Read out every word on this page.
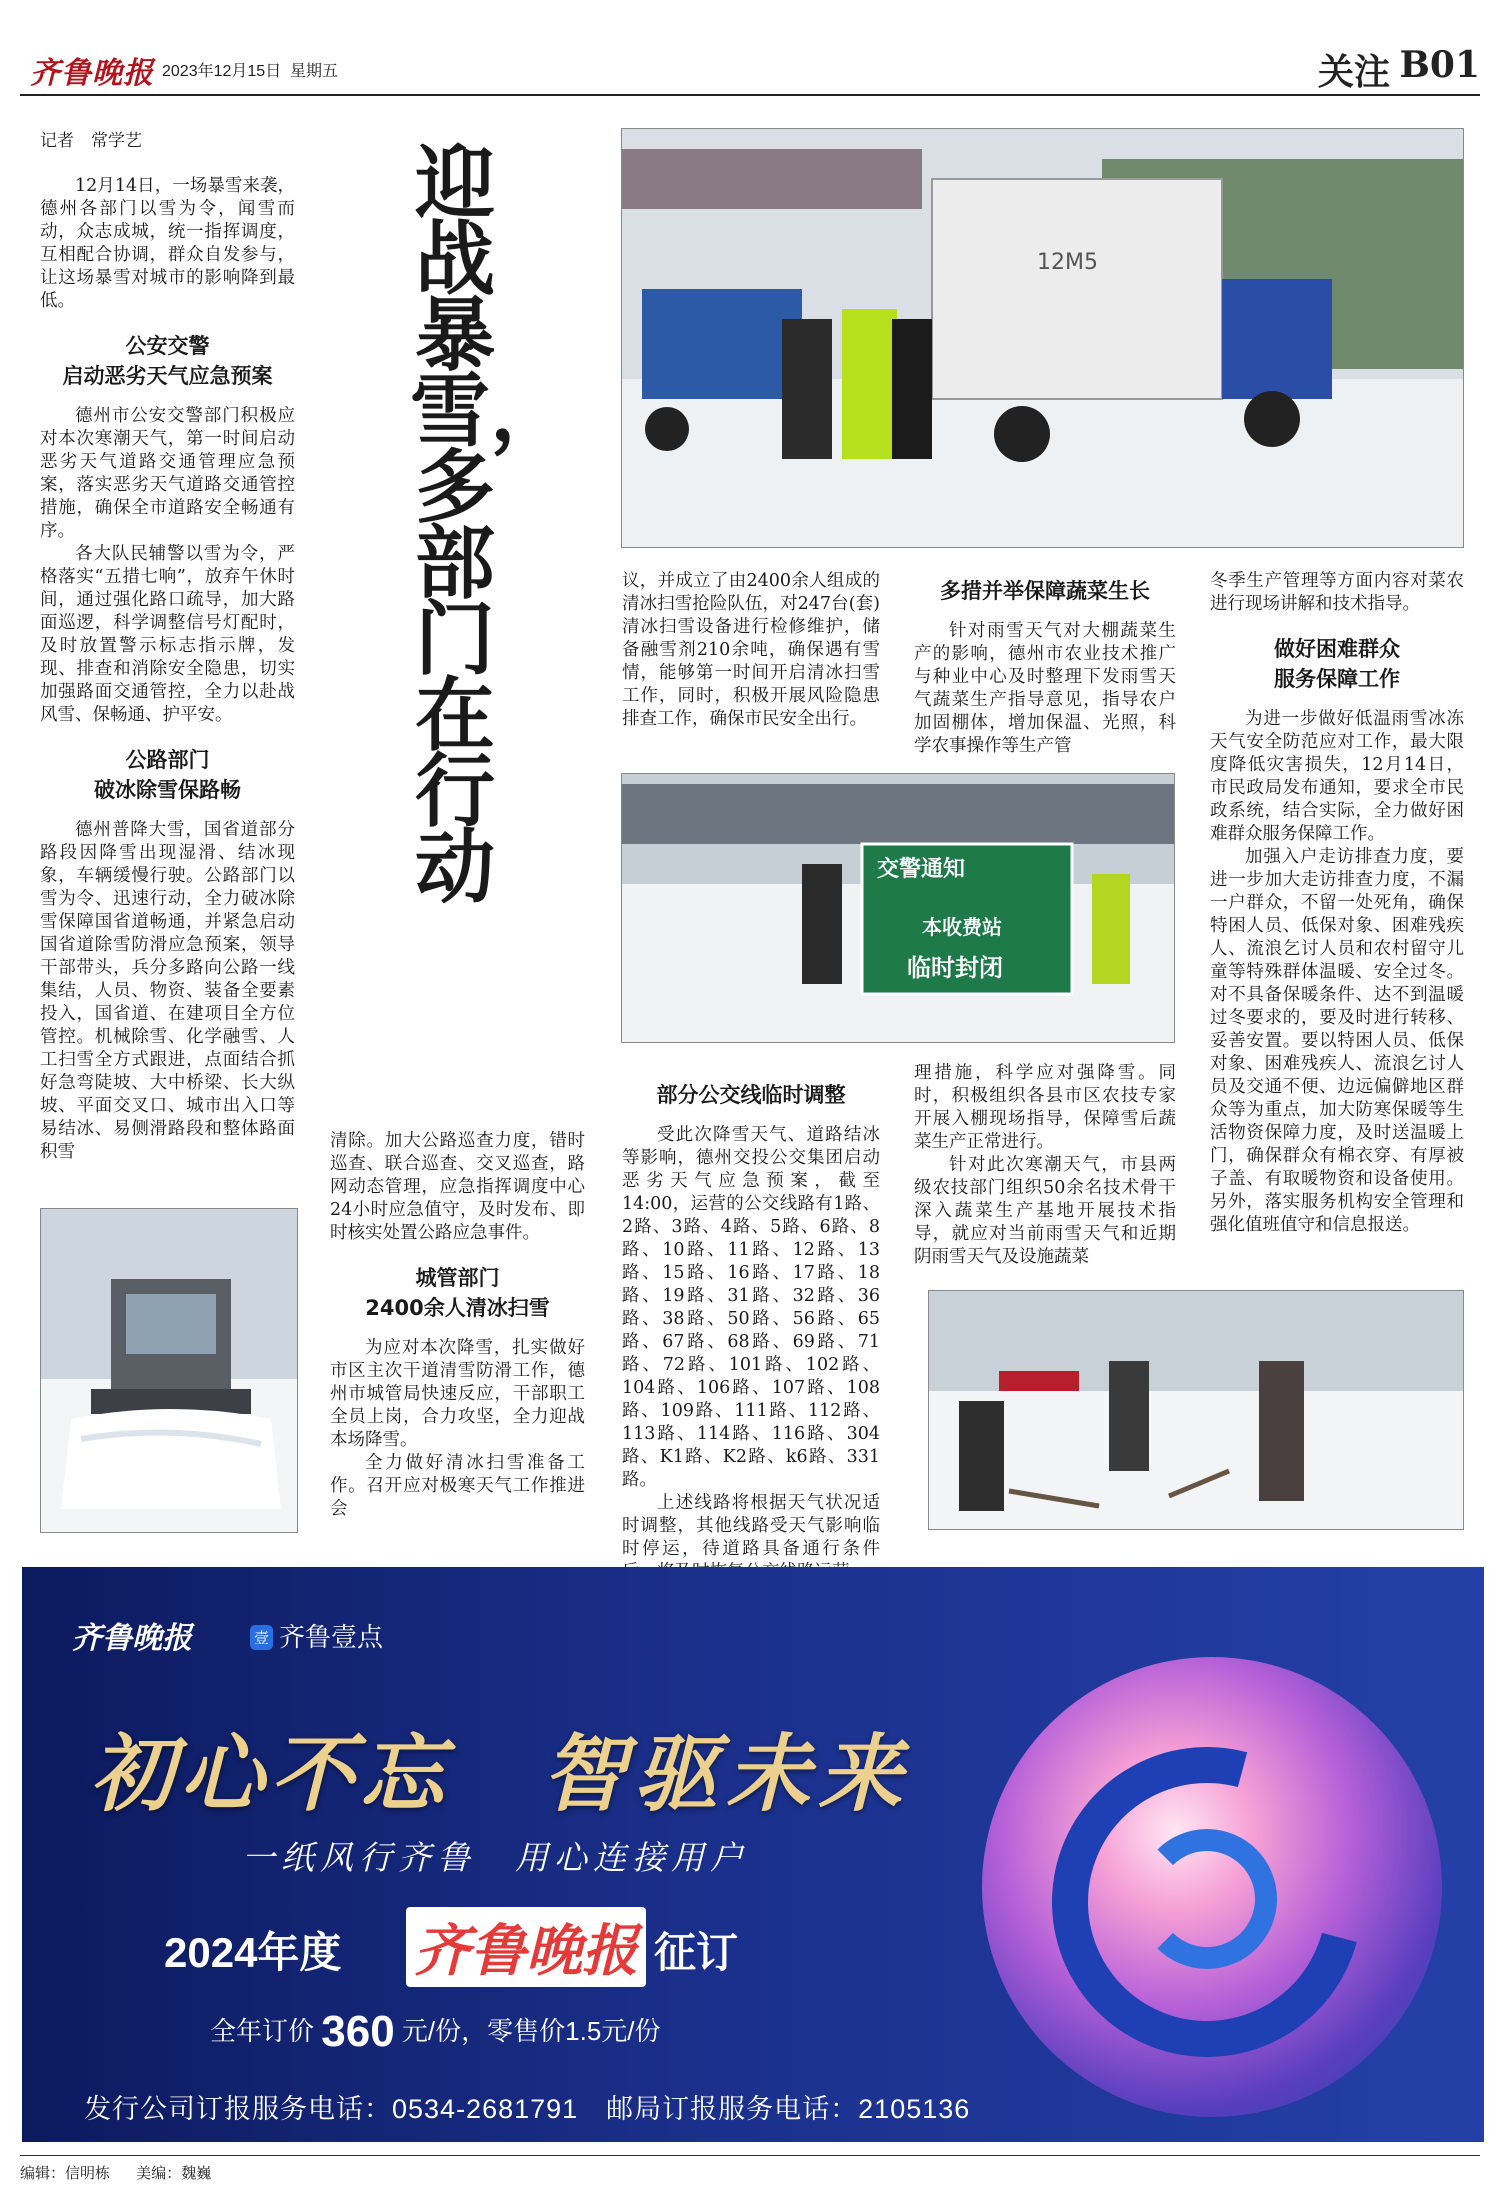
齐鲁晚报 2023年12月15日 星期五	关注 B01
记者　常学艺

12月14日，一场暴雪来袭，德州各部门以雪为令，闻雪而动，众志成城，统一指挥调度，互相配合协调，群众自发参与，让这场暴雪对城市的影响降到最低。

公安交警
启动恶劣天气应急预案

德州市公安交警部门积极应对本次寒潮天气，第一时间启动恶劣天气道路交通管理应急预案，落实恶劣天气道路交通管控措施，确保全市道路安全畅通有序。

各大队民辅警以雪为令，严格落实“五措七响”，放弃午休时间，通过强化路口疏导，加大路面巡逻，科学调整信号灯配时，及时放置警示标志指示牌，发现、排查和消除安全隐患，切实加强路面交通管控，全力以赴战风雪、保畅通、护平安。

公路部门
破冰除雪保路畅

德州普降大雪，国省道部分路段因降雪出现湿滑、结冰现象，车辆缓慢行驶。公路部门以雪为令、迅速行动，全力破冰除雪保障国省道畅通，并紧急启动国省道除雪防滑应急预案，领导干部带头，兵分多路向公路一线集结，人员、物资、装备全要素投入，国省道、在建项目全方位管控。机械除雪、化学融雪、人工扫雪全方式跟进，点面结合抓好急弯陡坡、大中桥梁、长大纵坡、平面交叉口、城市出入口等易结冰、易侧滑路段和整体路面积雪

迎战暴雪，
多部门在行动

清除。加大公路巡查力度，错时巡查、联合巡查、交叉巡查，路网动态管理，应急指挥调度中心24小时应急值守，及时发布、即时核实处置公路应急事件。

城管部门
2400余人清冰扫雪

为应对本次降雪，扎实做好市区主次干道清雪防滑工作，德州市城管局快速反应，干部职工全员上岗，合力攻坚，全力迎战本场降雪。

全力做好清冰扫雪准备工作。召开应对极寒天气工作推进会

12M5

议，并成立了由2400余人组成的清冰扫雪抢险队伍，对247台(套)清冰扫雪设备进行检修维护，储备融雪剂210余吨，确保遇有雪情，能够第一时间开启清冰扫雪工作，同时，积极开展风险隐患排查工作，确保市民安全出行。

交警通知
本收费站
临时封闭
多措并举保障蔬菜生长

针对雨雪天气对大棚蔬菜生产的影响，德州市农业技术推广与种业中心及时整理下发雨雪天气蔬菜生产指导意见，指导农户加固棚体，增加保温、光照，科学农事操作等生产管

部分公交线临时调整

受此次降雪天气、道路结冰等影响，德州交投公交集团启动恶劣天气应急预案，截至14:00，运营的公交线路有1路、2路、3路、4路、5路、6路、8路、10路、11路、12路、13路、15路、16路、17路、18路、19路、31路、32路、36路、38路、50路、56路、65路、67路、68路、69路、71路、72路、101路、102路、104路、106路、107路、108路、109路、111路、112路、113路、114路、116路、304路、K1路、K2路、k6路、331路。

上述线路将根据天气状况适时调整，其他线路受天气影响临时停运，待道路具备通行条件

理措施，科学应对强降雪。同时，积极组织各县市区农技专家开展入棚现场指导，保障雪后蔬菜生产正常进行。

针对此次寒潮天气，市县两级农技部门组织50余名技术骨干深入蔬菜生产基地开展技术指导，就应对当前雨雪天气和近期阴雨雪天气及设施蔬菜

冬季生产管理等方面内容对菜农进行现场讲解和技术指导。

做好困难群众
服务保障工作

为进一步做好低温雨雪冰冻天气安全防范应对工作，最大限度降低灾害损失，12月14日，市民政局发布通知，要求全市民政系统，结合实际，全力做好困难群众服务保障工作。

加强入户走访排查力度，要进一步加大走访排查力度，不漏一户群众，不留一处死角，确保特困人员、低保对象、困难残疾人、流浪乞讨人员和农村留守儿童等特殊群体温暖、安全过冬。对不具备保暖条件、达不到温暖过冬要求的，要及时进行转移、妥善安置。要以特困人员、低保对象、困难残疾人、流浪乞讨人员及交通不便、边远偏僻地区群众等为重点，加大防寒保暖等生活物资保障力度，及时送温暖上门，确保群众有棉衣穿、有厚被子盖、有取暖物资和设备使用。另外，落实服务机构安全管理和强化值班值守和信息报送。

齐鲁晚报	壹 齐鲁壹点
初心不忘 智驱未来
一纸风行齐鲁　用心连接用户
2024年度 齐鲁晚报 征订
全年订价 360 元/份，零售价1.5元/份
发行公司订报服务电话：0534-2681791　邮局订报服务电话：2105136
编辑：信明栋 美编：魏巍
